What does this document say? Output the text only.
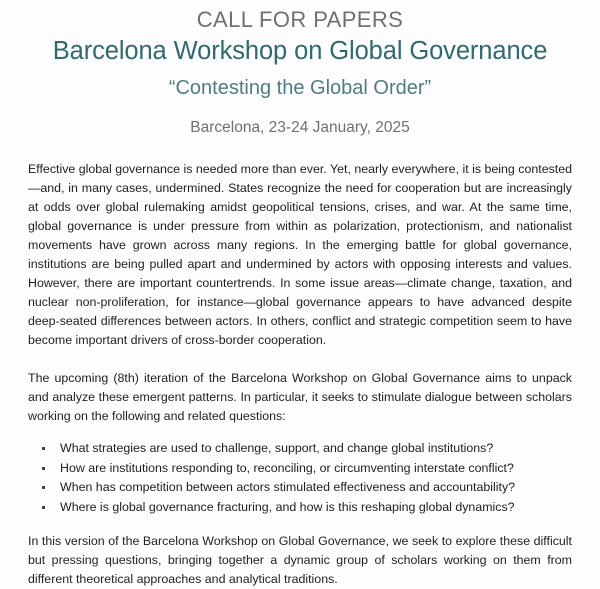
CALL FOR PAPERS
Barcelona Workshop on Global Governance
“Contesting the Global Order”
Barcelona, 23-24 January, 2025

Effective global governance is needed more than ever. Yet, nearly everywhere, it is being contested—and, in many cases, undermined. States recognize the need for cooperation but are increasingly at odds over global rulemaking amidst geopolitical tensions, crises, and war. At the same time, global governance is under pressure from within as polarization, protectionism, and nationalist movements have grown across many regions. In the emerging battle for global governance, institutions are being pulled apart and undermined by actors with opposing interests and values. However, there are important countertrends. In some issue areas—climate change, taxation, and nuclear non-proliferation, for instance—global governance appears to have advanced despite deep-seated differences between actors. In others, conflict and strategic competition seem to have become important drivers of cross-border cooperation.

The upcoming (8th) iteration of the Barcelona Workshop on Global Governance aims to unpack and analyze these emergent patterns. In particular, it seeks to stimulate dialogue between scholars working on the following and related questions:

What strategies are used to challenge, support, and change global institutions?
How are institutions responding to, reconciling, or circumventing interstate conflict?
When has competition between actors stimulated effectiveness and accountability?
Where is global governance fracturing, and how is this reshaping global dynamics?

In this version of the Barcelona Workshop on Global Governance, we seek to explore these difficult but pressing questions, bringing together a dynamic group of scholars working on them from different theoretical approaches and analytical traditions.
